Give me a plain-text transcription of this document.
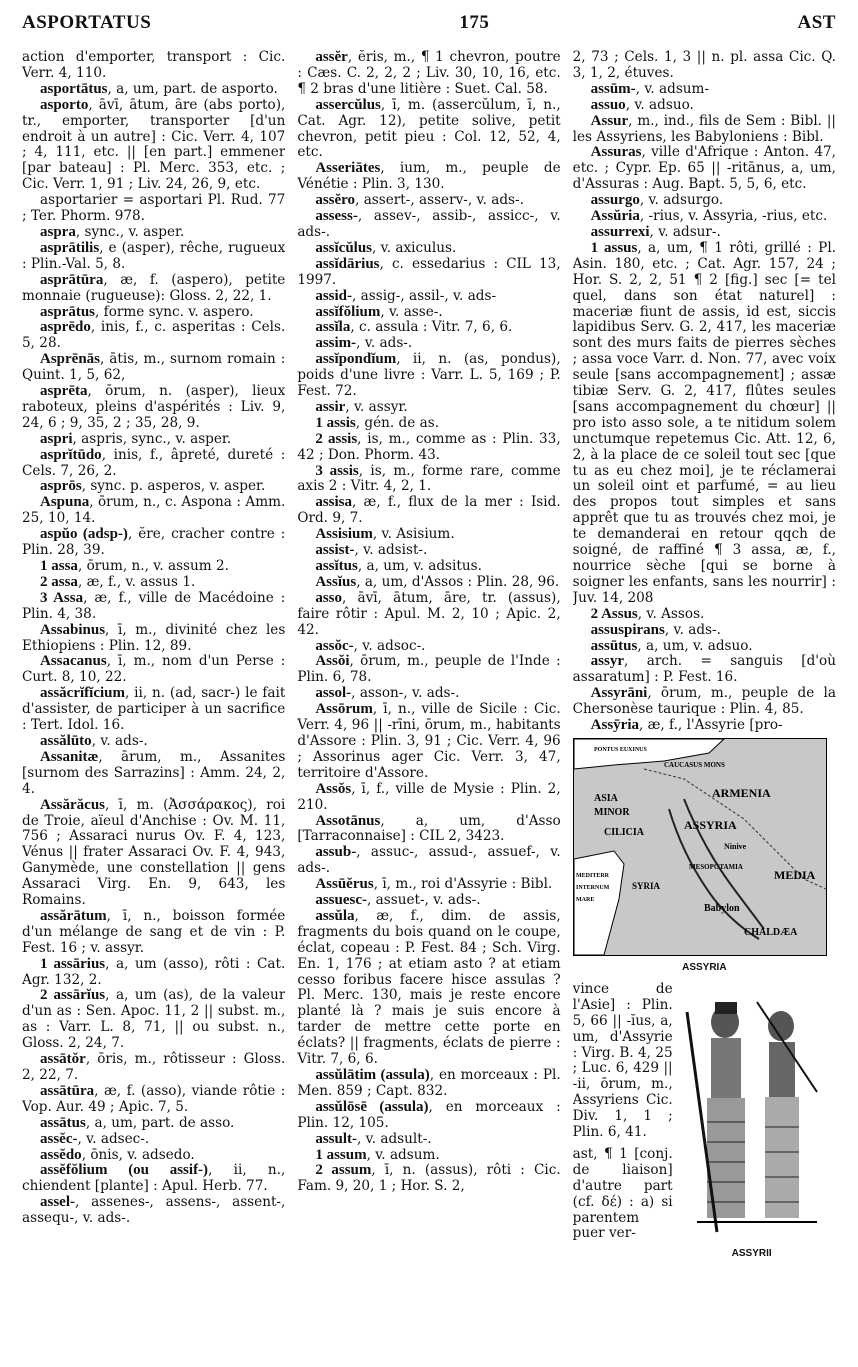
ASPORTATUS	175	AST

action d'emporter, transport : Cic. Verr. 4, 110.

asportātus, a, um, part. de asporto.

asporto, āvī, ātum, āre (abs porto), tr., emporter, transporter [d'un endroit à un autre] : Cic. Verr. 4, 107 ; 4, 111, etc. || [en part.] emmener [par bateau] : Pl. Merc. 353, etc. ; Cic. Verr. 1, 91 ; Liv. 24, 26, 9, etc.

asportarier = asportari Pl. Rud. 77 ; Ter. Phorm. 978.

aspra, sync., v. asper.

asprātilis, e (asper), rêche, rugueux : Plin.-Val. 5, 8.

asprātūra, æ, f. (aspero), petite monnaie (rugueuse): Gloss. 2, 22, 1.

asprātus, forme sync. v. aspero.

asprēdo, inis, f., c. asperitas : Cels. 5, 28.

Asprēnās, ātis, m., surnom romain : Quint. 1, 5, 62,

asprēta, ōrum, n. (asper), lieux raboteux, pleins d'aspérités : Liv. 9, 24, 6 ; 9, 35, 2 ; 35, 28, 9.

aspri, aspris, sync., v. asper.

asprĭtūdo, inis, f., âpreté, dureté : Cels. 7, 26, 2.

asprōs, sync. p. asperos, v. asper.

Aspuna, ōrum, n., c. Aspona : Amm. 25, 10, 14.

aspŭo (adsp-), ĕre, cracher contre : Plin. 28, 39.

1 assa, ōrum, n., v. assum 2.

2 assa, æ, f., v. assus 1.

3 Assa, æ, f., ville de Macédoine : Plin. 4, 38.

Assabinus, ī, m., divinité chez les Ethiopiens : Plin. 12, 89.

Assacanus, ī, m., nom d'un Perse : Curt. 8, 10, 22.

assăcrĭfĭcium, ii, n. (ad, sacr-) le fait d'assister, de participer à un sacrifice : Tert. Idol. 16.

assălūto, v. ads-.

Assanitæ, ārum, m., Assanites [surnom des Sarrazins] : Amm. 24, 2, 4.

Assărăcus, ī, m. (Ἀσσάρακος), roi de Troie, aïeul d'Anchise : Ov. M. 11, 756 ; Assaraci nurus Ov. F. 4, 123, Vénus || frater Assaraci Ov. F. 4, 943, Ganymède, une constellation || gens Assaraci Virg. En. 9, 643, les Romains.

assărātum, ī, n., boisson formée d'un mélange de sang et de vin : P. Fest. 16 ; v. assyr.

1 assārius, a, um (asso), rôti : Cat. Agr. 132, 2.

2 assārĭus, a, um (as), de la valeur d'un as : Sen. Apoc. 11, 2 || subst. m., as : Varr. L. 8, 71, || ou subst. n., Gloss. 2, 24, 7.

assātŏr, ōris, m., rôtisseur : Gloss. 2, 22, 7.

assātūra, æ, f. (asso), viande rôtie : Vop. Aur. 49 ; Apic. 7, 5.

assātus, a, um, part. de asso.

assĕc-, v. adsec-.

assĕdo, ōnis, v. adsedo.

assĕfŏlium (ou assif-), ii, n., chiendent [plante] : Apul. Herb. 77.

assel-, assenes-, assens-, assent-, assequ-, v. ads-.

assĕr, ĕris, m., ¶ 1 chevron, poutre : Cæs. C. 2, 2, 2 ; Liv. 30, 10, 16, etc. ¶ 2 bras d'une litière : Suet. Cal. 58.

assercŭlus, ī, m. (assercŭlum, ī, n., Cat. Agr. 12), petite solive, petit chevron, petit pieu : Col. 12, 52, 4, etc.

Asseriātes, ium, m., peuple de Vénétie : Plin. 3, 130.

assĕro, assert-, asserv-, v. ads-.

assess-, assev-, assib-, assicc-, v. ads-.

assĭcŭlus, v. axiculus.

assĭdārius, c. essedarius : CIL 13, 1997.

assid-, assig-, assil-, v. ads-

assĭfŏlium, v. asse-.

assĭla, c. assula : Vitr. 7, 6, 6.

assim-, v. ads-.

assĭpondĭum, ii, n. (as, pondus), poids d'une livre : Varr. L. 5, 169 ; P. Fest. 72.

assir, v. assyr.

1 assis, gén. de as.

2 assis, is, m., comme as : Plin. 33, 42 ; Don. Phorm. 43.

3 assis, is, m., forme rare, comme axis 2 : Vitr. 4, 2, 1.

assisa, æ, f., flux de la mer : Isid. Ord. 9, 7.

Assisium, v. Asisium.

assist-, v. adsist-.

assĭtus, a, um, v. adsitus.

Assĭus, a, um, d'Assos : Plin. 28, 96.

asso, āvī, ātum, āre, tr. (assus), faire rôtir : Apul. M. 2, 10 ; Apic. 2, 42.

assŏc-, v. adsoc-.

Assŏi, ōrum, m., peuple de l'Inde : Plin. 6, 78.

assol-, asson-, v. ads-.

Assōrum, ī, n., ville de Sicile : Cic. Verr. 4, 96 || -rīni, ōrum, m., habitants d'Assore : Plin. 3, 91 ; Cic. Verr. 4, 96 ; Assorinus ager Cic. Verr. 3, 47, territoire d'Assore.

Assŏs, ī, f., ville de Mysie : Plin. 2, 210.

Assotānus, a, um, d'Asso [Tarraconnaise] : CIL 2, 3423.

assub-, assuc-, assud-, assuef-, v. ads-.

Assūĕrus, ī, m., roi d'Assyrie : Bibl.

assuesc-, assuet-, v. ads-.

assŭla, æ, f., dim. de assis, fragments du bois quand on le coupe, éclat, copeau : P. Fest. 84 ; Sch. Virg. En. 1, 176 ; at etiam asto ? at etiam cesso foribus facere hisce assulas ? Pl. Merc. 130, mais je reste encore planté là ? mais je suis encore à tarder de mettre cette porte en éclats? || fragments, éclats de pierre : Vitr. 7, 6, 6.

assŭlātim (assula), en morceaux : Pl. Men. 859 ; Capt. 832.

assŭlōsē (assula), en morceaux : Plin. 12, 105.

assult-, v. adsult-.

1 assum, v. adsum.

2 assum, ī, n. (assus), rôti : Cic. Fam. 9, 20, 1 ; Hor. S. 2,

2, 73 ; Cels. 1, 3 || n. pl. assa Cic. Q. 3, 1, 2, étuves.

assūm-, v. adsum-

assuo, v. adsuo.

Assur, m., ind., fils de Sem : Bibl. || les Assyriens, les Babyloniens : Bibl.

Assuras, ville d'Afrique : Anton. 47, etc. ; Cypr. Ep. 65 || -ritānus, a, um, d'Assuras : Aug. Bapt. 5, 5, 6, etc.

assurgo, v. adsurgo.

Assŭria, -rius, v. Assyria, -rius, etc.

assurrexi, v. adsur-.

1 assus, a, um, ¶ 1 rôti, grillé : Pl. Asin. 180, etc. ; Cat. Agr. 157, 24 ; Hor. S. 2, 2, 51 ¶ 2 [fig.] sec [= tel quel, dans son état naturel] : maceriæ fiunt de assis, id est, siccis lapidibus Serv. G. 2, 417, les maceriæ sont des murs faits de pierres sèches ; assa voce Varr. d. Non. 77, avec voix seule [sans accompagnement] ; assæ tibiæ Serv. G. 2, 417, flûtes seules [sans accompagnement du chœur] || pro isto asso sole, a te nitidum solem unctumque repetemus Cic. Att. 12, 6, 2, à la place de ce soleil tout sec [que tu as eu chez moi], je te réclamerai un soleil oint et parfumé, = au lieu des propos tout simples et sans apprêt que tu as trouvés chez moi, je te demanderai en retour qqch de soigné, de raffiné ¶ 3 assa, æ, f., nourrice sèche [qui se borne à soigner les enfants, sans les nourrir] : Juv. 14, 208

2 Assus, v. Assos.

assuspirans, v. ads-.

assūtus, a, um, v. adsuo.

assyr, arch. = sanguis [d'où assaratum] : P. Fest. 16.

Assyrāni, ōrum, m., peuple de la Chersonèse taurique : Plin. 4, 85.

Assȳria, æ, f., l'Assyrie [pro-

PONTUS EUXINUS
CAUCASUS MONS
ASIA
MINOR
ARMENIA
CILICIA
ASSYRIA
MESOPOTAMIA
Ninive
MEDITERR
INTERNUM
MARE
SYRIA
MEDIA
Babylon
CHALDÆA
ASSYRIA

vince de l'Asie] : Plin. 5, 66 || -ĭus, a, um, d'Assyrie : Virg. B. 4, 25 ; Luc. 6, 429 || -ii, ōrum, m., Assyriens Cic. Div. 1, 1 ; Plin. 6, 41.

ast, ¶ 1 [conj. de liaison] d'autre part (cf. δέ) : a) si parentem puer ver-

ASSYRII
